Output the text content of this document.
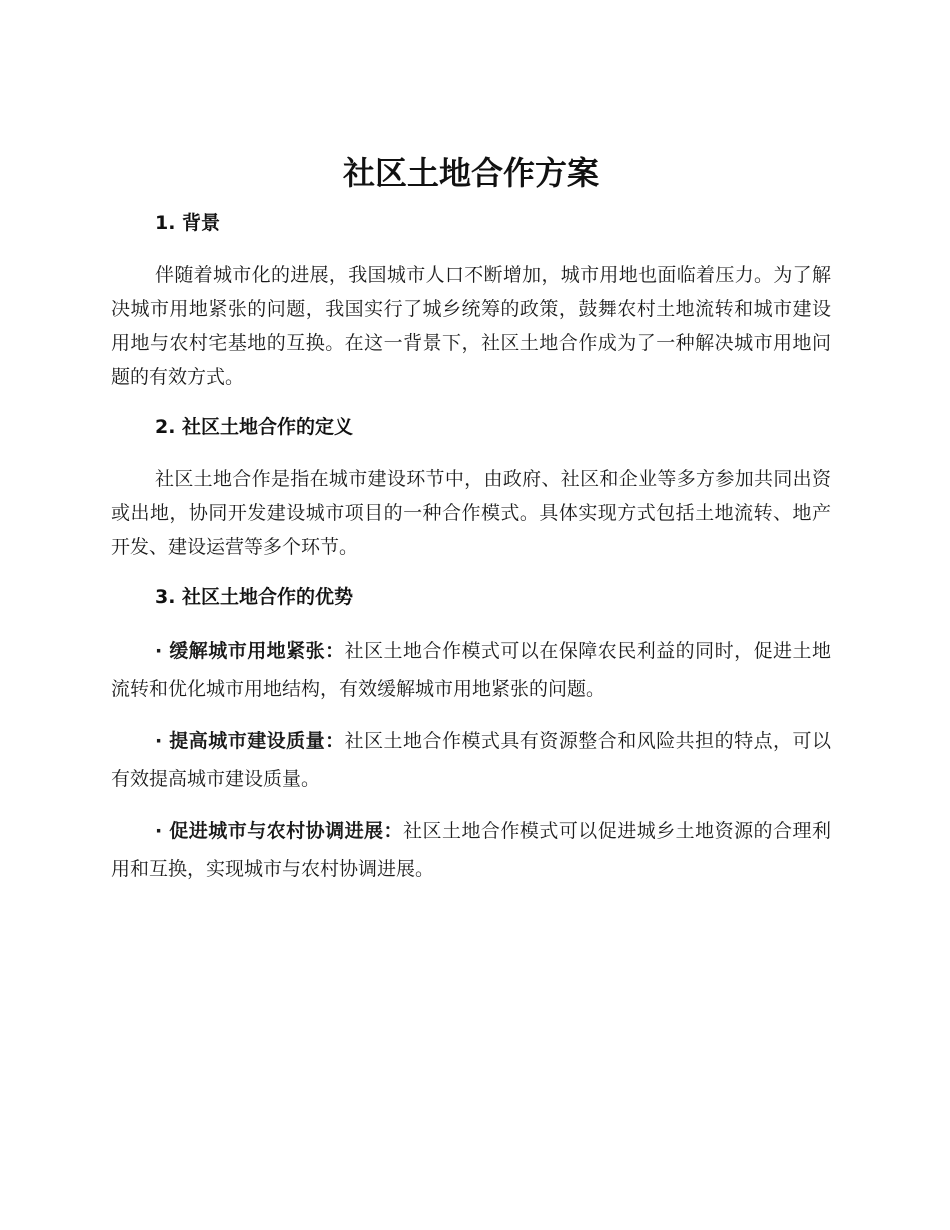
社区土地合作方案
1. 背景

伴随着城市化的进展，我国城市人口不断增加，城市用地也面临着压力。为了解决城市用地紧张的问题，我国实行了城乡统筹的政策，鼓舞农村土地流转和城市建设用地与农村宅基地的互换。在这一背景下，社区土地合作成为了一种解决城市用地问题的有效方式。

2. 社区土地合作的定义

社区土地合作是指在城市建设环节中，由政府、社区和企业等多方参加共同出资或出地，协同开发建设城市项目的一种合作模式。具体实现方式包括土地流转、地产开发、建设运营等多个环节。

3. 社区土地合作的优势

· 缓解城市用地紧张：社区土地合作模式可以在保障农民利益的同时，促进土地流转和优化城市用地结构，有效缓解城市用地紧张的问题。

· 提高城市建设质量：社区土地合作模式具有资源整合和风险共担的特点，可以有效提高城市建设质量。

· 促进城市与农村协调进展：社区土地合作模式可以促进城乡土地资源的合理利用和互换，实现城市与农村协调进展。
